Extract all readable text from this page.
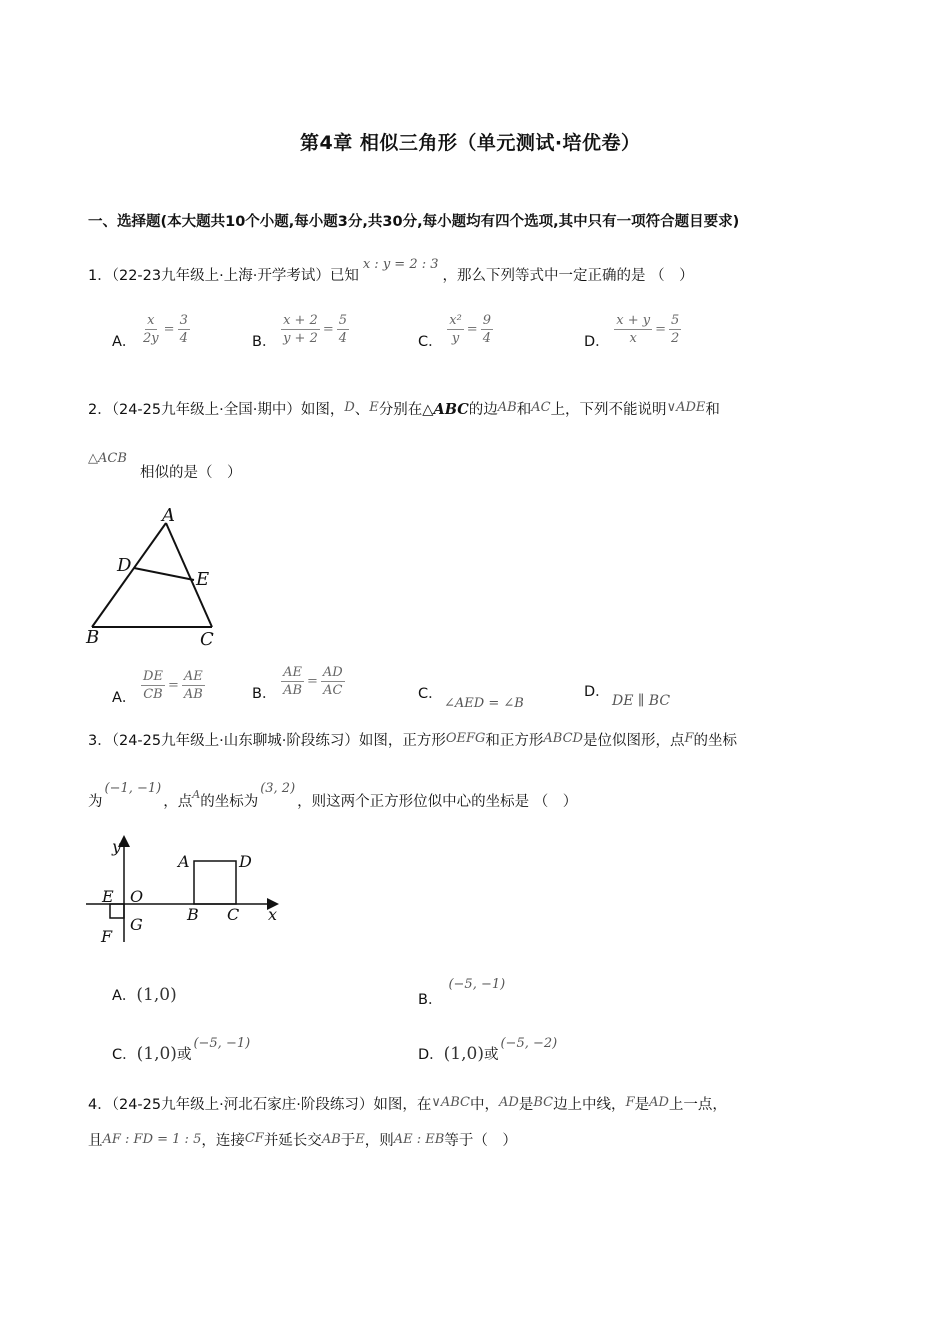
第4章 相似三角形（单元测试·培优卷）
一、选择题(本大题共10个小题,每小题3分,共30分,每小题均有四个选项,其中只有一项符合题目要求)
1．（22-23九年级上·上海·开学考试）已知x : y = 2 : 3，那么下列等式中一定正确的是 （　）
A． $\frac{x}{2y} = \frac{3}{4}$	B． $\frac{x + 2}{y + 2} = \frac{5}{4}$	C． $\frac{\text{x²}}{y} = \frac{9}{4}$	D． $\frac{x + y}{x} = \frac{5}{2}$
2．（24-25九年级上·全国·期中）如图，D、E分别在△ABC的边AB和AC上，下列不能说明∨ADE和
△ACB
相似的是（　）
A
D
E
B	C
A． $\frac{DE}{CB} = \frac{AE}{AB}$	B． $\frac{AE}{AB} = \frac{AD}{AC}$	C．
∠AED = ∠B
D．
DE ∥ BC
3．（24-25九年级上·山东聊城·阶段练习）如图，正方形OEFG和正方形ABCD是位似图形，点F的坐标
为(−1, −1)，点$^A$的坐标为(3, 2)，则这两个正方形位似中心的坐标是 （　）
y
x
A	D
E O
B C
F
G
A．(1,0)	B．(−5, −1)
C．(1,0)或(−5, −1)
D．(1,0)或(−5, −2)
4．（24-25九年级上·河北石家庄·阶段练习）如图，在∨ABC中，AD是BC边上中线，F是AD上一点，
且AF : FD = 1 : 5，连接CF并延长交AB于E，则AE : EB等于（　）
